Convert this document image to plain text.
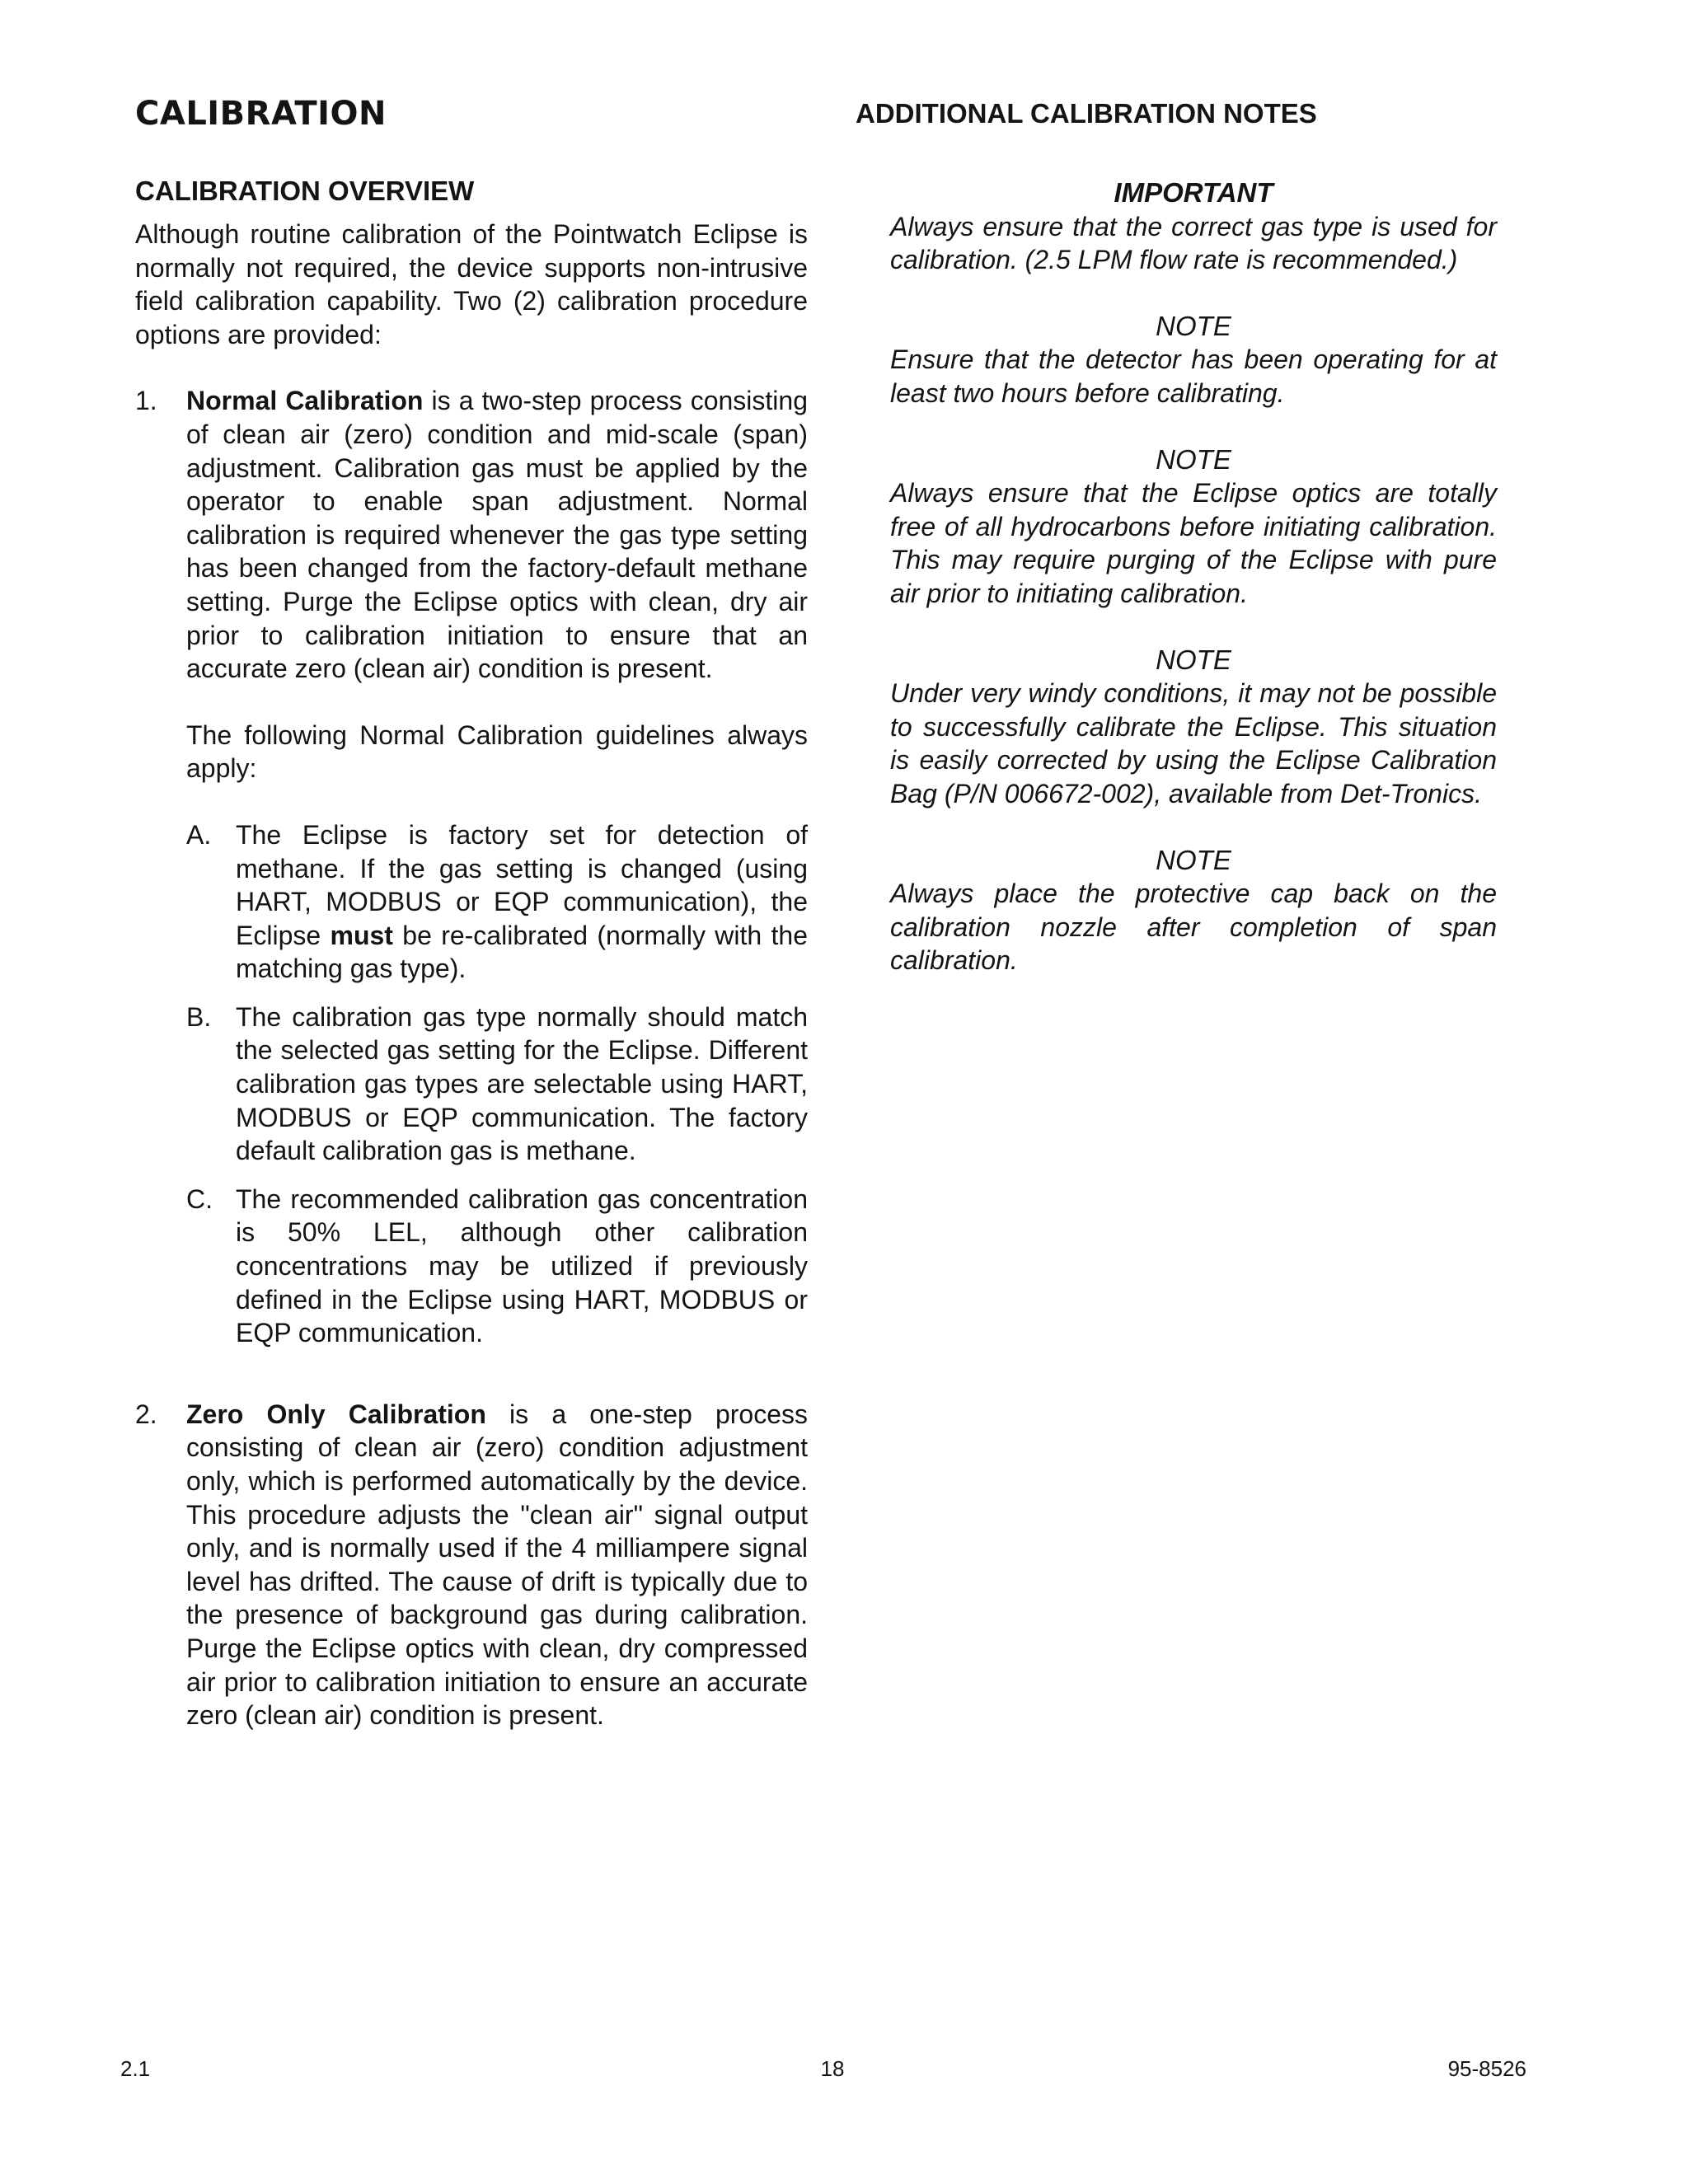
CALIBRATION	ADDITIONAL CALIBRATION NOTES
CALIBRATION OVERVIEW

Although routine calibration of the Pointwatch Eclipse is normally not required, the device supports non-intrusive field calibration capability. Two (2) calibration procedure options are provided:

1.	Normal Calibration is a two-step process consisting of clean air (zero) condition and mid-scale (span) adjustment. Calibration gas must be applied by the operator to enable span adjustment. Normal calibration is required whenever the gas type setting has been changed from the factory-default methane setting. Purge the Eclipse optics with clean, dry air prior to calibration initiation to ensure that an accurate zero (clean air) condition is present.

The following Normal Calibration guidelines always apply:

A. The Eclipse is factory set for detection of methane. If the gas setting is changed (using HART, MODBUS or EQP communication), the Eclipse must be re-calibrated (normally with the matching gas type).

B. The calibration gas type normally should match the selected gas setting for the Eclipse. Different calibration gas types are selectable using HART, MODBUS or EQP communication. The factory default calibration gas is methane.

C. The recommended calibration gas concentration is 50% LEL, although other calibration concentrations may be utilized if previously defined in the Eclipse using HART, MODBUS or EQP communication.

2.	Zero Only Calibration is a one-step process consisting of clean air (zero) condition adjustment only, which is performed automatically by the device. This procedure adjusts the "clean air" signal output only, and is normally used if the 4 milliampere signal level has drifted. The cause of drift is typically due to the presence of background gas during calibration. Purge the Eclipse optics with clean, dry compressed air prior to calibration initiation to ensure an accurate zero (clean air) condition is present.

IMPORTANT

Always ensure that the correct gas type is used for calibration. (2.5 LPM flow rate is recommended.)

NOTE

Ensure that the detector has been operating for at least two hours before calibrating.

NOTE

Always ensure that the Eclipse optics are totally free of all hydrocarbons before initiating calibration. This may require purging of the Eclipse with pure air prior to initiating calibration.

NOTE

Under very windy conditions, it may not be possible to successfully calibrate the Eclipse. This situation is easily corrected by using the Eclipse Calibration Bag (P/N 006672-002), available from Det-Tronics.

NOTE

Always place the protective cap back on the calibration nozzle after completion of span calibration.

2.1	18	95-8526
